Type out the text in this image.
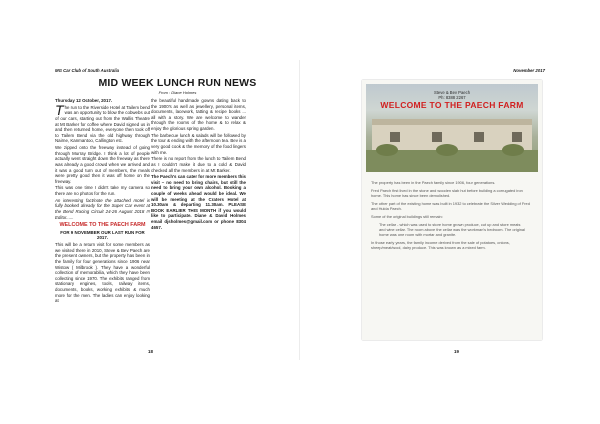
MG Car Club of South Australia
MID WEEK LUNCH RUN NEWS
From : Diane Holmes

Thursday 12 October, 2017.

The run to the Riverside Hotel at Tailem bend was an opportunity to blow the cobwebs out of our cars, starting out from the Wallis Theatre at Mt Barker for coffee where David signed us in and then returned home, everyone then took off to Tailem Bend via the old highway through Nairne, Kanmantoo, Callington etc.

We zipped onto the freeway instead of going through Murray Bridge. I think a lot of people actually went straight down the freeway as there was already a good crowd when we arrived and it was a good turn out of members, the meals were pretty good then it was off home on the freeway.

This was one time I didn't take my camera so there are no photos for the run.

An interesting fact/note the attached motel is fully booked already for the Super Car event at the Bend Racing Circuit 24-26 August 2018 !!! Editor......

WELCOME TO THE PAECH FARM

FOR 9 NOVEMBER OUR LAST RUN FOR 2017.

This will be a return visit for some members as we visited there in 2010, Steve & Bev Paech are the present owners, but the property has been in the family for four generations since 1906 near Wistow ( Milbrook ). They have a wonderful collection of memorabilia, which they have been collecting since 1970. The exhibits ranged from stationary engines, tools, railway items, documents, books, working exhibits & much more for the men. The ladies can enjoy looking at

the beautiful handmade gowns dating back to the 1900's as well as jewellery, personal items, documents, lacework, tatting & recipe books ... all with a story. We are welcome to wander through the rooms of the home & to relax & enjoy the glorious spring garden.

The barbecue lunch & salads will be followed by the tour & ending with the afternoon tea. Bev is a very good cook & the memory of the food lingers with me.

There is no report from the lunch to Tailem Bend as I couldn't make it due to a cold & David checked all the members in at Mt Barker.

The Paech's can cater for more members this visit – no need to bring chairs, but still the need to bring your own alcohol. Booking a couple of weeks ahead would be ideal. We will be meeting at the Craters Hotel at 10.30am & departing 11.30am. PLEASE BOOK EARLIER THIS MONTH if you would like to participate. Diane & David Holmes email djsholmes@gmail.com or phone 8304 4657.

18
November 2017
Steve & Bev Paech
Ph: 8388 2267
WELCOME TO THE PAECH FARM

The property has been in the Paech family since 1906, four generations.

Fred Paech first lived in the stone and wooden slab hut before building a corrugated iron home. This home has since been demolished.

The other part of the existing home was built in 1932 to celebrate the Silver Wedding of Fred and Hulda Paech.

Some of the original buildings still remain:

The cellar - which was used to store home grown produce, cut up and store meats and wine cellar. The room above the cellar was the workman's bedroom. The original home was one room with mortar and granite.

In those early years, the family income derived from the sale of potatoes, onions, sheep/meat/wool, dairy produce. This was known as a mixed farm.

19
